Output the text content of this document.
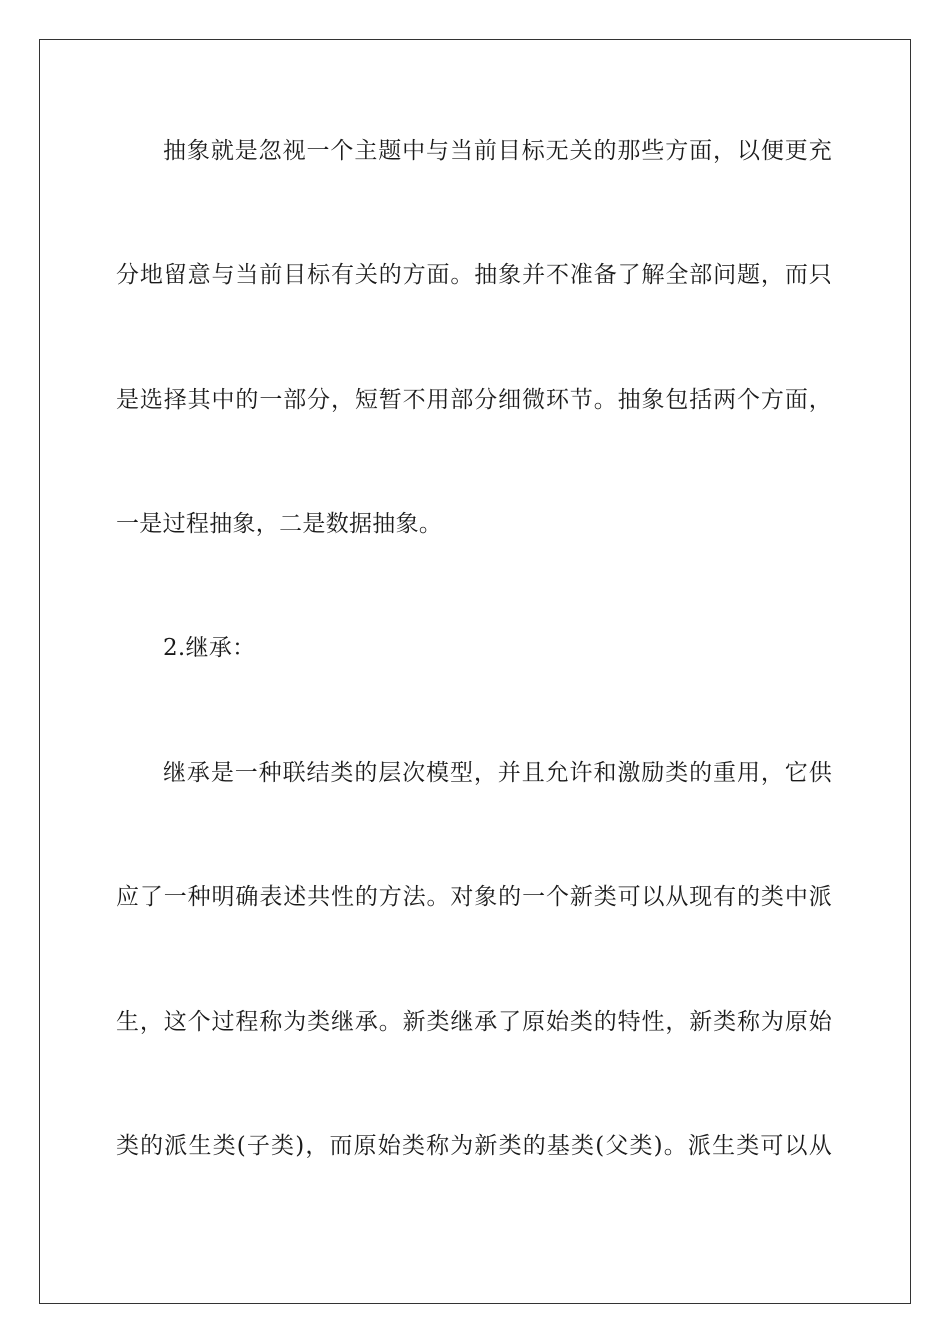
抽象就是忽视一个主题中与当前目标无关的那些方面，以便更充
分地留意与当前目标有关的方面。抽象并不准备了解全部问题，而只
是选择其中的一部分，短暂不用部分细微环节。抽象包括两个方面，
一是过程抽象，二是数据抽象。
2.继承：
继承是一种联结类的层次模型，并且允许和激励类的重用，它供
应了一种明确表述共性的方法。对象的一个新类可以从现有的类中派
生，这个过程称为类继承。新类继承了原始类的特性，新类称为原始
类的派生类(子类)，而原始类称为新类的基类(父类)。派生类可以从
